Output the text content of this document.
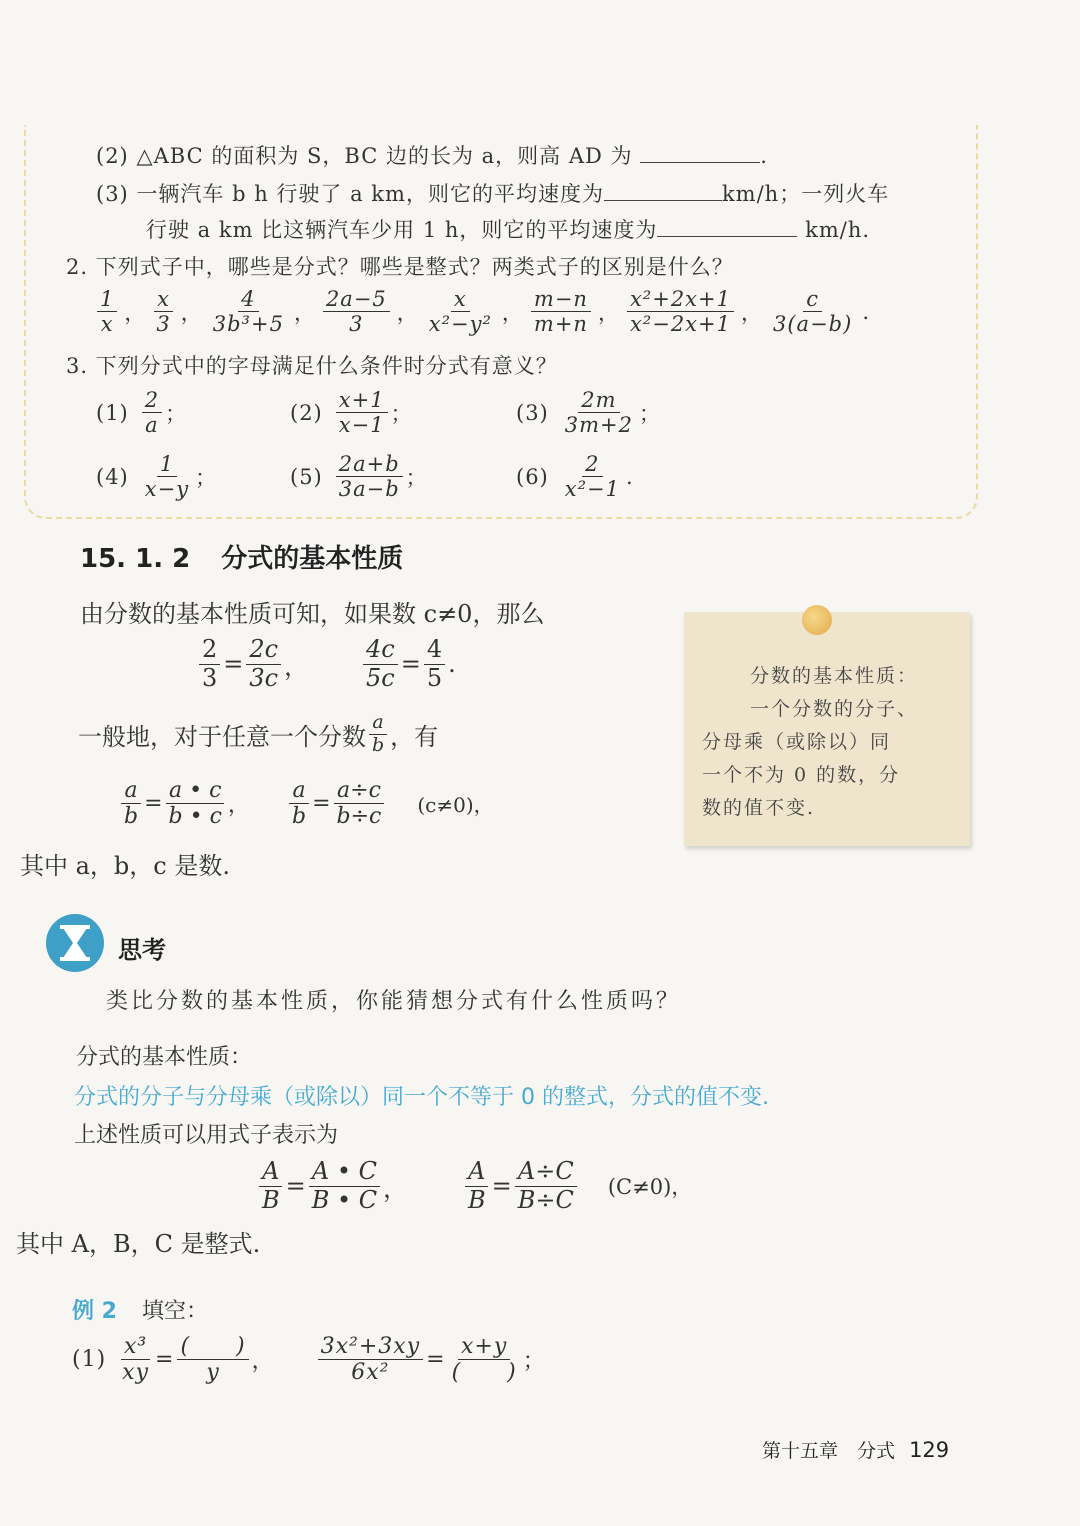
(2) △ABC 的面积为 S，BC 边的长为 a，则高 AD 为	.
(3) 一辆汽车 b h 行驶了 a km，则它的平均速度为	km/h；一列火车
行驶 a km 比这辆汽车少用 1 h，则它的平均速度为	km/h.
2. 下列式子中，哪些是分式？哪些是整式？两类式子的区别是什么？
$\frac{1}{x}$ ， $\frac{x}{3}$ ， $\frac{4}{\text{3b³+5}}$ ， $\frac{2a-5}{3}$ ， $\frac{x}{\text{x²−y²}}$ ， $\frac{m-n}{m+n}$ ， $\frac{\text{x²+2x+1}}{\text{x²−2x+1}}$ ， $\frac{c}{3(a-b)}$ .
3. 下列分式中的字母满足什么条件时分式有意义？
$(1) \frac{2}{a}$ ；	$(2) \frac{x+1}{x-1}$ ；	$(3) \frac{2m}{3m+2}$ ；
$(4) \frac{1}{x-y}$ ；	$(5) \frac{2a+b}{3a-b}$ ；	$(6) \frac{2}{\text{x²−1}}$ .
15. 1. 2 分式的基本性质
由分数的基本性质可知，如果数 c≠0，那么
$\frac{2}{3} = \frac{2c}{3c}$ ， $\frac{4c}{5c} = \frac{4}{5}$ .
一般地，对于任意一个分数 $\frac{a}{b}$ ，有
$\frac{a}{b} = \frac{a • c}{b • c}$ ， $\frac{a}{b} = \frac{a\div c}{b\div c} (c\ne 0)$，
其中 a，b，c 是数.
分数的基本性质：
一个分数的分子、
分母乘（或除以）同
一个不为 0 的数，分
数的值不变.
思考
类比分数的基本性质，你能猜想分式有什么性质吗？
分式的基本性质：
分式的分子与分母乘（或除以）同一个不等于 0 的整式，分式的值不变.
上述性质可以用式子表示为
$\frac{A}{B} = \frac{A • C}{B • C}$ ， $\frac{A}{B} = \frac{A\div C}{B\div C} (C\ne 0)$，
其中 A，B，C 是整式.
例 2 填空：
$(1) \frac{\text{x³}}{xy} = \frac{( )}{y}$ ， $\frac{\text{3x²+3xy}}{\text{6x²}} = \frac{x+y}{( )}$ ；
第十五章　分式 129
